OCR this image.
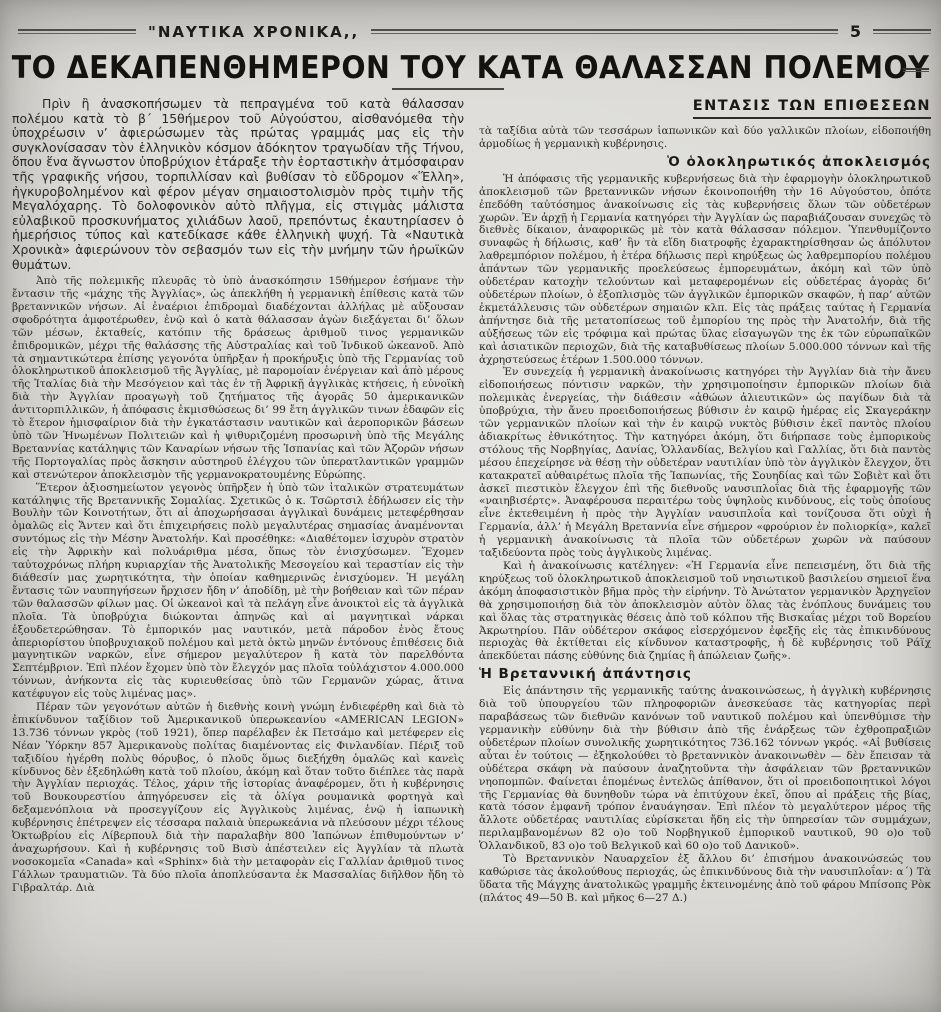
"ΝΑΥΤΙΚΑ ΧΡΟΝΙΚΑ,,	5
ΤΟ ΔΕΚΑΠΕΝΘΗΜΕΡΟΝ ΤΟΥ ΚΑΤΑ ΘΑΛΑΣΣΑΝ ΠΟΛΕΜΟΥ

Πρὶν ἢ ἀνασκοπήσωμεν τὰ πεπραγμένα τοῦ κατὰ θάλασσαν πολέμου κατὰ τὸ β΄ 15θήμερον τοῦ Αὐγούστου, αἰσθανόμεθα τὴν ὑποχρέωσιν ν’ ἀφιερώσωμεν τὰς πρώτας γραμμάς μας εἰς τὴν συγκλονίσασαν τὸν ἑλληνικὸν κόσμον ἀδόκητον τραγωδίαν τῆς Τήνου, ὅπου ἕνα ἄγνωστον ὑποβρύχιον ἐτάραξε τὴν ἑορταστικὴν ἀτμόσφαιραν τῆς γραφικῆς νήσου, τορπιλλίσαν καὶ βυθίσαν τὸ εὔδρομον «Ἕλλη», ἠγκυροβολημένον καὶ φέρον μέγαν σημαιοστολισμὸν πρὸς τιμὴν τῆς Μεγαλόχαρης. Τὸ δολοφονικὸν αὐτὸ πλῆγμα, εἰς στιγμὰς μάλιστα εὐλαβικοῦ προσκυνήματος χιλιάδων λαοῦ, πρεπόντως ἐκαυτηρίασεν ὁ ἡμερήσιος τύπος καὶ κατεδίκασε κάθε ἑλληνικὴ ψυχή. Τὰ «Ναυτικὰ Χρονικὰ» ἀφιερώνουν τὸν σεβασμόν των εἰς τὴν μνήμην τῶν ἡρωϊκῶν θυμάτων.

Ἀπὸ τῆς πολεμικῆς πλευρᾶς τὸ ὑπὸ ἀνασκόπησιν 15θήμερον ἐσήμανε τὴν ἔντασιν τῆς «μάχης τῆς Ἀγγλίας», ὡς ἀπεκλήθη ἡ γερμανικὴ ἐπίθεσις κατὰ τῶν βρεταννικῶν νήσων. Αἱ ἐναέριοι ἐπιδρομαὶ διαδέχονται ἀλλήλας μὲ αὔξουσαν σφοδρότητα ἀμφοτέρωθεν, ἐνῷ καὶ ὁ κατὰ θάλασσαν ἀγὼν διεξάγεται δι’ ὅλων τῶν μέσων, ἐκταθείς, κατόπιν τῆς δράσεως ἀριθμοῦ τινος γερμανικῶν ἐπιδρομικῶν, μέχρι τῆς θαλάσσης τῆς Αὐστραλίας καὶ τοῦ Ἰνδικοῦ ὠκεανοῦ. Ἀπὸ τὰ σημαντικώτερα ἐπίσης γεγονότα ὑπῆρξαν ἡ προκήρυξις ὑπὸ τῆς Γερμανίας τοῦ ὁλοκληρωτικοῦ ἀποκλεισμοῦ τῆς Ἀγγλίας, μὲ παρομοίαν ἐνέργειαν καὶ ἀπὸ μέρους τῆς Ἰταλίας διὰ τὴν Μεσόγειον καὶ τὰς ἐν τῇ Ἀφρικῇ ἀγγλικὰς κτήσεις, ἡ εὐνοϊκὴ διὰ τὴν Ἀγγλίαν προαγωγὴ τοῦ ζητήματος τῆς ἀγορᾶς 50 ἀμερικανικῶν ἀντιτορπιλλικῶν, ἡ ἀπόφασις ἐκμισθώσεως δι’ 99 ἔτη ἀγγλικῶν τινων ἐδαφῶν εἰς τὸ ἕτερον ἡμισφαίριον διὰ τὴν ἐγκατάστασιν ναυτικῶν καὶ ἀεροπορικῶν βάσεων ὑπὸ τῶν Ἡνωμένων Πολιτειῶν καὶ ἡ ψιθυριζομένη προσωρινὴ ὑπὸ τῆς Μεγάλης Βρεταννίας κατάληψις τῶν Καναρίων νήσων τῆς Ἰσπανίας καὶ τῶν Ἀζορῶν νήσων τῆς Πορτογαλίας πρὸς ἄσκησιν αὐστηροῦ ἐλέγχου τῶν ὑπερατλαντικῶν γραμμῶν καὶ στενώτερον ἀποκλεισμὸν τῆς γερμανοκρατουμένης Εὐρώπης.

Ἕτερον ἀξιοσημείωτον γεγονὸς ὑπῆρξεν ἡ ὑπὸ τῶν ἰταλικῶν στρατευμάτων κατάληψις τῆς Βρεταννικῆς Σομαλίας. Σχετικῶς ὁ κ. Τσῶρτσιλ ἐδήλωσεν εἰς τὴν Βουλὴν τῶν Κοινοτήτων, ὅτι αἱ ἀποχωρήσασαι ἀγγλικαὶ δυνάμεις μετεφέρθησαν ὁμαλῶς εἰς Ἄντεν καὶ ὅτι ἐπιχειρήσεις πολὺ μεγαλυτέρας σημασίας ἀναμένονται συντόμως εἰς τὴν Μέσην Ἀνατολήν. Καὶ προσέθηκε: «Διαθέτομεν ἰσχυρὸν στρατὸν εἰς τὴν Ἀφρικὴν καὶ πολυάριθμα μέσα, ὅπως τὸν ἐνισχύσωμεν. Ἔχομεν ταὐτοχρόνως πλήρη κυριαρχίαν τῆς Ἀνατολικῆς Μεσογείου καὶ τεραστίαν εἰς τὴν διάθεσίν μας χωρητικότητα, τὴν ὁποίαν καθημερινῶς ἐνισχύομεν. Ἡ μεγάλη ἔντασις τῶν ναυπηγήσεων ἤρχισεν ἤδη ν’ ἀποδίδῃ, μὲ τὴν βοήθειαν καὶ τῶν πέραν τῶν θαλασσῶν φίλων μας. Οἱ ὠκεανοὶ καὶ τὰ πελάγη εἶνε ἀνοικτοὶ εἰς τὰ ἀγγλικὰ πλοῖα. Τὰ ὑποβρύχια διώκονται ἀπηνῶς καὶ αἱ μαγνητικαὶ νάρκαι ἐξουδετερώθησαν. Τὸ ἐμπορικόν μας ναυτικόν, μετὰ πάροδον ἑνὸς ἔτους ἀπεριορίστου ὑποβρυχιακοῦ πολέμου καὶ μετὰ ὀκτὼ μηνῶν ἐντόνους ἐπιθέσεις διὰ μαγνητικῶν ναρκῶν, εἶνε σήμερον μεγαλύτερον ἢ κατὰ τὸν παρελθόντα Σεπτέμβριον. Ἐπὶ πλέον ἔχομεν ὑπὸ τὸν ἔλεγχόν μας πλοῖα τοὐλάχιστον 4.000.000 τόννων, ἀνήκοντα εἰς τὰς κυριευθείσας ὑπὸ τῶν Γερμανῶν χώρας, ἅτινα κατέφυγον εἰς τοὺς λιμένας μας».

Πέραν τῶν γεγονότων αὐτῶν ἡ διεθνὴς κοινὴ γνώμη ἐνδιεφέρθη καὶ διὰ τὸ ἐπικίνδυνον ταξίδιον τοῦ Ἀμερικανικοῦ ὑπερωκεανίου «AMERICAN LEGION» 13.736 τόννων γκρὸς (τοῦ 1921), ὅπερ παρέλαβεν ἐκ Πετσάμο καὶ μετέφερεν εἰς Νέαν Ὑόρκην 857 Ἀμερικανοὺς πολίτας διαμένοντας εἰς Φινλανδίαν. Πέριξ τοῦ ταξιδίου ἠγέρθη πολὺς θόρυβος, ὁ πλοῦς ὅμως διεξήχθη ὁμαλῶς καὶ κανεὶς κίνδυνος δὲν ἐξεδηλώθη κατὰ τοῦ πλοίου, ἀκόμη καὶ ὅταν τοῦτο διέπλεε τὰς παρὰ τὴν Ἀγγλίαν περιοχάς. Τέλος, χάριν τῆς ἱστορίας ἀναφέρομεν, ὅτι ἡ κυβέρνησις τοῦ Βουκουρεστίου ἀπηγόρευσεν εἰς τὰ ὀλίγα ρουμανικὰ φορτηγὰ καὶ δεξαμενόπλοια νὰ προσεγγίζουν εἰς Ἀγγλικοὺς λιμένας, ἐνῷ ἡ ἰαπωνικὴ κυβέρνησις ἐπέτρεψεν εἰς τέσσαρα παλαιὰ ὑπερωκεάνια νὰ πλεύσουν μέχρι τέλους Ὀκτωβρίου εἰς Λίβερπουλ διὰ τὴν παραλαβὴν 800 Ἰαπώνων ἐπιθυμούντων ν’ ἀναχωρήσουν. Καὶ ἡ κυβέρνησις τοῦ Βισὺ ἀπέστειλεν εἰς Ἀγγλίαν τὰ πλωτὰ νοσοκομεῖα «Canada» καὶ «Sphinx» διὰ τὴν μεταφορὰν εἰς Γαλλίαν ἀριθμοῦ τινος Γάλλων τραυματιῶν. Τὰ δύο πλοῖα ἀποπλεύσαντα ἐκ Μασσαλίας διῆλθον ἤδη τὸ Γιβραλτάρ. Διὰ

ΕΝΤΑΣΙΣ ΤΩΝ ΕΠΙΘΕΣΕΩΝ

τὰ ταξίδια αὐτὰ τῶν τεσσάρων ἰαπωνικῶν καὶ δύο γαλλικῶν πλοίων, εἰδοποιήθη ἁρμοδίως ἡ γερμανικὴ κυβέρνησις.

Ὁ ὁλοκληρωτικός ἀποκλεισμός

Ἡ ἀπόφασις τῆς γερμανικῆς κυβερνήσεως διὰ τὴν ἐφαρμογὴν ὁλοκληρωτικοῦ ἀποκλεισμοῦ τῶν βρεταννικῶν νήσων ἐκοινοποιήθη τὴν 16 Αὐγούστου, ὁπότε ἐπεδόθη ταὐτόσημος ἀνακοίνωσις εἰς τὰς κυβερνήσεις ὅλων τῶν οὐδετέρων χωρῶν. Ἐν ἀρχῇ ἡ Γερμανία κατηγόρει τὴν Ἀγγλίαν ὡς παραβιάζουσαν συνεχῶς τὸ διεθνὲς δίκαιον, ἀναφορικῶς μὲ τὸν κατὰ θάλασσαν πόλεμον. Ὑπενθυμίζοντο συναφῶς ἡ δήλωσις, καθ’ ἣν τὰ εἴδη διατροφῆς ἐχαρακτηρίσθησαν ὡς ἀπόλυτον λαθρεμπόριον πολέμου, ἡ ἑτέρα δήλωσις περὶ κηρύξεως ὡς λαθρεμπορίου πολέμου ἁπάντων τῶν γερμανικῆς προελεύσεως ἐμπορευμάτων, ἀκόμη καὶ τῶν ὑπὸ οὐδετέραν κατοχὴν τελούντων καὶ μεταφερομένων εἰς οὐδετέρας ἀγορὰς δι’ οὐδετέρων πλοίων, ὁ ἐξοπλισμὸς τῶν ἀγγλικῶν ἐμπορικῶν σκαφῶν, ἡ παρ’ αὐτῶν ἐκμετάλλευσις τῶν οὐδετέρων σημαιῶν κλπ. Εἰς τὰς πράξεις ταύτας ἡ Γερμανία ἀπήντησε διὰ τῆς μετατοπίσεως τοῦ ἐμπορίου της πρὸς τὴν Ἀνατολήν, διὰ τῆς αὐξήσεως τῶν εἰς τρόφιμα καὶ πρώτας ὕλας εἰσαγωγῶν της ἐκ τῶν εὐρωπαϊκῶν καὶ ἀσιατικῶν περιοχῶν, διὰ τῆς καταβυθίσεως πλοίων 5.000.000 τόννων καὶ τῆς ἀχρηστεύσεως ἑτέρων 1.500.000 τόννων.

Ἐν συνεχείᾳ ἡ γερμανικὴ ἀνακοίνωσις κατηγόρει τὴν Ἀγγλίαν διὰ τὴν ἄνευ εἰδοποιήσεως πόντισιν ναρκῶν, τὴν χρησιμοποίησιν ἐμπορικῶν πλοίων διὰ πολεμικὰς ἐνεργείας, τὴν διάθεσιν «ἀθώων ἁλιευτικῶν» ὡς παγίδων διὰ τὰ ὑποβρύχια, τὴν ἄνευ προειδοποιήσεως βύθισιν ἐν καιρῷ ἡμέρας εἰς Σκαγεράκην τῶν γερμανικῶν πλοίων καὶ τὴν ἐν καιρῷ νυκτὸς βύθισιν ἐκεῖ παντὸς πλοίου ἀδιακρίτως ἐθνικότητος. Τὴν κατηγόρει ἀκόμη, ὅτι διήρπασε τοὺς ἐμπορικοὺς στόλους τῆς Νορβηγίας, Δανίας, Ὁλλανδίας, Βελγίου καὶ Γαλλίας, ὅτι διὰ παντὸς μέσου ἐπεχείρησε νὰ θέσῃ τὴν οὐδετέραν ναυτιλίαν ὑπὸ τὸν ἀγγλικὸν ἔλεγχον, ὅτι κατακρατεῖ αὐθαιρέτως πλοῖα τῆς Ἰαπωνίας, τῆς Σουηδίας καὶ τῶν Σοβιὲτ καὶ ὅτι ἀσκεῖ πιεστικὸν ἔλεγχον ἐπὶ τῆς διεθνοῦς ναυσιπλοΐας διὰ τῆς ἐφαρμογῆς τῶν «ναιηβισέρτς». Ἀναφέρουσα περαιτέρω τοὺς ὑψηλοὺς κινδύνους, εἰς τοὺς ὁποίους εἶνε ἐκτεθειμένη ἡ πρὸς τὴν Ἀγγλίαν ναυσιπλοΐα καὶ τονίζουσα ὅτι οὐχὶ ἡ Γερμανία, ἀλλ’ ἡ Μεγάλη Βρεταννία εἶνε σήμερον «φρούριον ἐν πολιορκίᾳ», καλεῖ ἡ γερμανικὴ ἀνακοίνωσις τὰ πλοῖα τῶν οὐδετέρων χωρῶν νὰ παύσουν ταξιδεύοντα πρὸς τοὺς ἀγγλικοὺς λιμένας.

Καὶ ἡ ἀνακοίνωσις κατέληγεν: «Ἡ Γερμανία εἶνε πεπεισμένη, ὅτι διὰ τῆς κηρύξεως τοῦ ὁλοκληρωτικοῦ ἀποκλεισμοῦ τοῦ νησιωτικοῦ βασιλείου σημειοῖ ἕνα ἀκόμη ἀποφασιστικὸν βῆμα πρὸς τὴν εἰρήνην. Τὸ Ἀνώτατον γερμανικὸν Ἀρχηγεῖον θὰ χρησιμοποιήσῃ διὰ τὸν ἀποκλεισμὸν αὐτὸν ὅλας τὰς ἐνόπλους δυνάμεις του καὶ ὅλας τὰς στρατηγικὰς θέσεις ἀπὸ τοῦ κόλπου τῆς Βισκαΐας μέχρι τοῦ Βορείου Ἀκρωτηρίου. Πᾶν οὐδέτερον σκάφος εἰσερχόμενον ἐφεξῆς εἰς τὰς ἐπικινδύνους περιοχὰς θὰ ἐκτίθεται εἰς κίνδυνον καταστροφῆς, ἡ δὲ κυβέρνησις τοῦ Ράϊχ ἀπεκδύεται πάσης εὐθύνης διὰ ζημίας ἢ ἀπώλειαν ζωῆς».

Ἡ Βρεταννική ἀπάντησις

Εἰς ἀπάντησιν τῆς γερμανικῆς ταύτης ἀνακοινώσεως, ἡ ἀγγλικὴ κυβέρνησις διὰ τοῦ ὑπουργείου τῶν πληροφοριῶν ἀνεσκεύασε τὰς κατηγορίας περὶ παραβάσεως τῶν διεθνῶν κανόνων τοῦ ναυτικοῦ πολέμου καὶ ὑπενθύμισε τὴν γερμανικὴν εὐθύνην διὰ τὴν βύθισιν ἀπὸ τῆς ἐνάρξεως τῶν ἐχθροπραξιῶν οὐδετέρων πλοίων συνολικῆς χωρητικότητος 736.162 τόννων γκρός. «Αἱ βυθίσεις αὗται ἐν τούτοις — ἐξηκολούθει τὸ βρεταννικὸν ἀνακοινωθὲν — δὲν ἔπεισαν τὰ οὐδέτερα σκάφη νὰ παύσουν ἀναζητοῦντα τὴν ἀσφάλειαν τῶν βρεταννικῶν νηοπομπῶν. Φαίνεται ἑπομένως ἐντελῶς ἀπίθανον, ὅτι οἱ προειδοποιητικοὶ λόγοι τῆς Γερμανίας θὰ δυνηθοῦν τώρα νὰ ἐπιτύχουν ἐκεῖ, ὅπου αἱ πράξεις τῆς βίας, κατὰ τόσον ἐμφανῆ τρόπον ἐναυάγησαν. Ἐπὶ πλέον τὸ μεγαλύτερον μέρος τῆς ἄλλοτε οὐδετέρας ναυτιλίας εὑρίσκεται ἤδη εἰς τὴν ὑπηρεσίαν τῶν συμμάχων, περιλαμβανομένων 82 ο)ο τοῦ Νορβηγικοῦ ἐμπορικοῦ ναυτικοῦ, 90 ο)ο τοῦ Ὁλλανδικοῦ, 83 ο)ο τοῦ Βελγικοῦ καὶ 60 ο)ο τοῦ Δανικοῦ».

Τὸ Βρεταννικὸν Ναυαρχεῖον ἐξ ἄλλου δι’ ἐπισήμου ἀνακοινώσεώς του καθώρισε τὰς ἀκολούθους περιοχάς, ὡς ἐπικινδύνους διὰ τὴν ναυσιπλοΐαν: α΄) Τὰ ὕδατα τῆς Μάγχης ἀνατολικῶς γραμμῆς ἐκτεινομένης ἀπὸ τοῦ φάρου Μπίσοπς Ρὸκ (πλάτος 49—50 Β. καὶ μῆκος 6—27 Δ.)
